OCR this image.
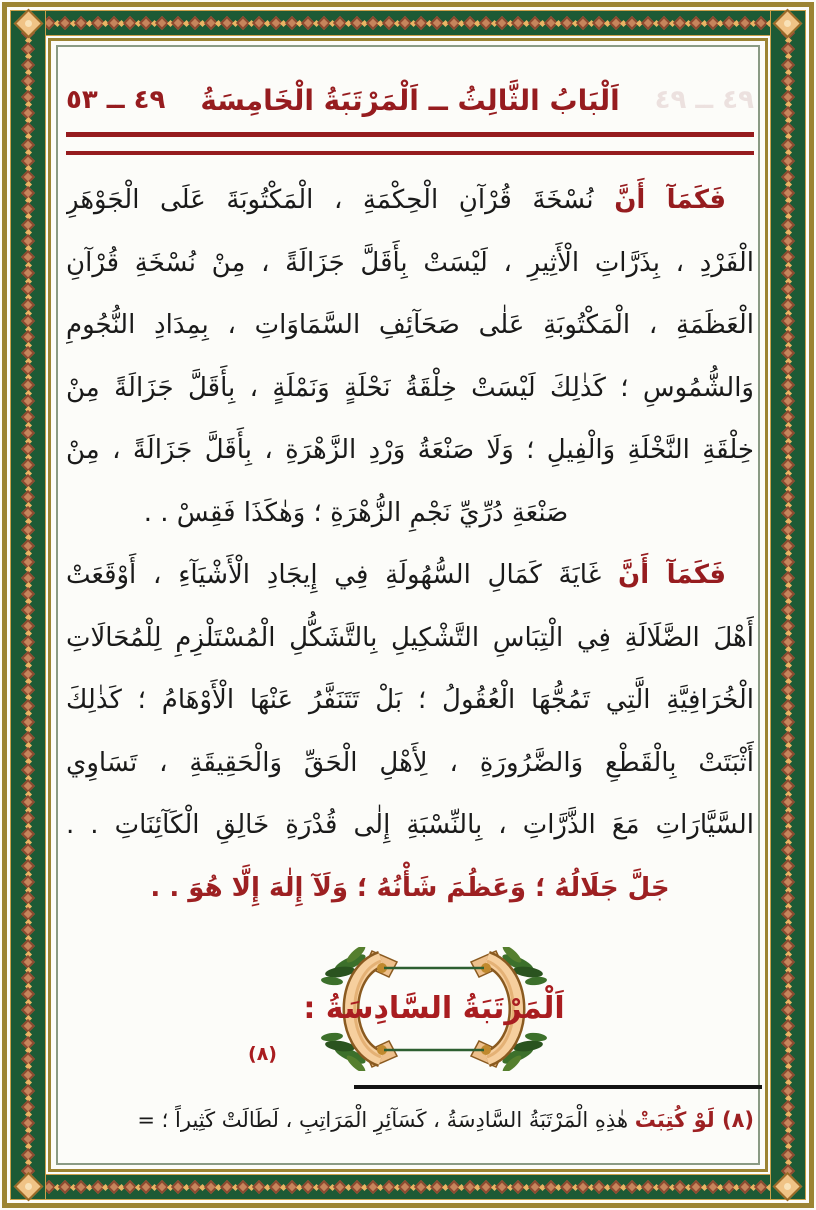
٤٩ ــ ٤٩
اَلْبَابُ الثَّالِثُ ــ اَلْمَرْتَبَةُ الْخَامِسَةُ
٤٩ ــ ٥٣
فَكَمَآ أَنَّ نُسْخَةَ قُرْآنِ الْحِكْمَةِ ، الْمَكْتُوبَةَ عَلَى الْجَوْهَرِ
الْفَرْدِ ، بِذَرَّاتِ الْأَثِيرِ ، لَيْسَتْ بِأَقَلَّ جَزَالَةً ، مِنْ نُسْخَةِ قُرْآنِ
الْعَظَمَةِ ، الْمَكْتُوبَةِ عَلٰى صَحَآئِفِ السَّمَاوَاتِ ، بِمِدَادِ النُّجُومِ
وَالشُّمُوسِ ؛ كَذٰلِكَ لَيْسَتْ خِلْقَةُ نَحْلَةٍ وَنَمْلَةٍ ، بِأَقَلَّ جَزَالَةً مِنْ
خِلْقَةِ النَّخْلَةِ وَالْفِيلِ ؛ وَلَا صَنْعَةُ وَرْدِ الزَّهْرَةِ ، بِأَقَلَّ جَزَالَةً ، مِنْ
صَنْعَةِ دُرِّيِّ نَجْمِ الزُّهْرَةِ ؛ وَهٰكَذَا فَقِسْ . .
فَكَمَآ أَنَّ غَايَةَ كَمَالِ السُّهُولَةِ فِي إِيجَادِ الْأَشْيَآءِ ، أَوْقَعَتْ
أَهْلَ الضَّلَالَةِ فِي الْتِبَاسِ التَّشْكِيلِ بِالتَّشَكُّلِ الْمُسْتَلْزِمِ لِلْمُحَالَاتِ
الْخُرَافِيَّةِ الَّتِي تَمُجُّهَا الْعُقُولُ ؛ بَلْ تَتَنَفَّرُ عَنْهَا الْأَوْهَامُ ؛ كَذٰلِكَ
أَثْبَتَتْ بِالْقَطْعِ وَالضَّرُورَةِ ، لِأَهْلِ الْحَقِّ وَالْحَقِيقَةِ ، تَسَاوِي
السَّيَّارَاتِ مَعَ الذَّرَّاتِ ، بِالنِّسْبَةِ إِلٰى قُدْرَةِ خَالِقِ الْكَآئِنَاتِ . .
جَلَّ جَلَالُهُ ؛ وَعَظُمَ شَأْنُهُ ؛ وَلَآ إِلٰهَ إِلَّا هُوَ . .
اَلْمَرْتَبَةُ السَّادِسَةُ :
(٨)
(٨) لَوْ كُتِبَتْ هٰذِهِ الْمَرْتَبَةُ السَّادِسَةُ ، كَسَآئِرِ الْمَرَاتِبِ ، لَطَالَتْ كَثِيراً ؛ =
